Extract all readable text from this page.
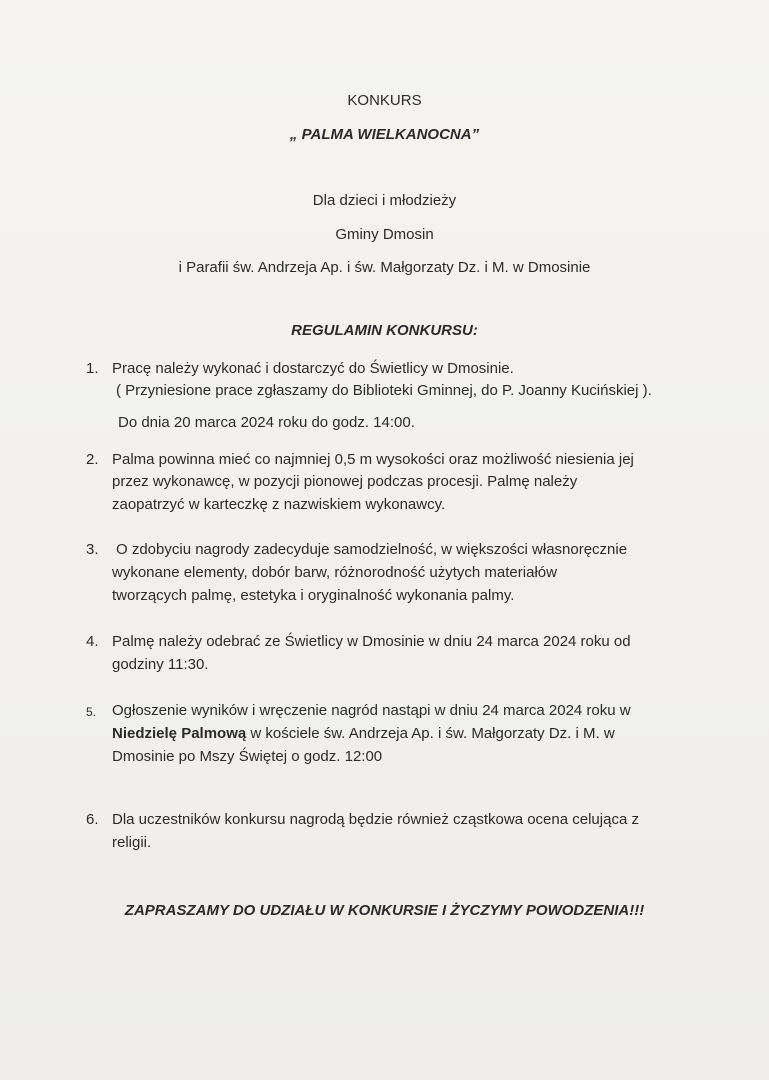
KONKURS
„ PALMA WIELKANOCNA”
Dla dzieci i młodzieży
Gminy Dmosin
i Parafii św. Andrzeja Ap. i św. Małgorzaty Dz. i M. w Dmosinie
REGULAMIN KONKURSU:
1. Pracę należy wykonać i dostarczyć do Świetlicy w Dmosinie.
( Przyniesione prace zgłaszamy do Biblioteki Gminnej, do P. Joanny Kucińskiej ).
Do dnia 20 marca 2024 roku do godz. 14:00.
2. Palma powinna mieć co najmniej 0,5 m wysokości oraz możliwość niesienia jej
przez wykonawcę, w pozycji pionowej podczas procesji. Palmę należy
zaopatrzyć w karteczkę z nazwiskiem wykonawcy.
3. O zdobyciu nagrody zadecyduje samodzielność, w większości własnoręcznie
wykonane elementy, dobór barw, różnorodność użytych materiałów
tworzących palmę, estetyka i oryginalność wykonania palmy.
4. Palmę należy odebrać ze Świetlicy w Dmosinie w dniu 24 marca 2024 roku od
godziny 11:30.
5. Ogłoszenie wyników i wręczenie nagród nastąpi w dniu 24 marca 2024 roku w
Niedzielę Palmową w kościele św. Andrzeja Ap. i św. Małgorzaty Dz. i M. w
Dmosinie po Mszy Świętej o godz. 12:00
6. Dla uczestników konkursu nagrodą będzie również cząstkowa ocena celująca z
religii.
ZAPRASZAMY DO UDZIAŁU W KONKURSIE I ŻYCZYMY POWODZENIA!!!
